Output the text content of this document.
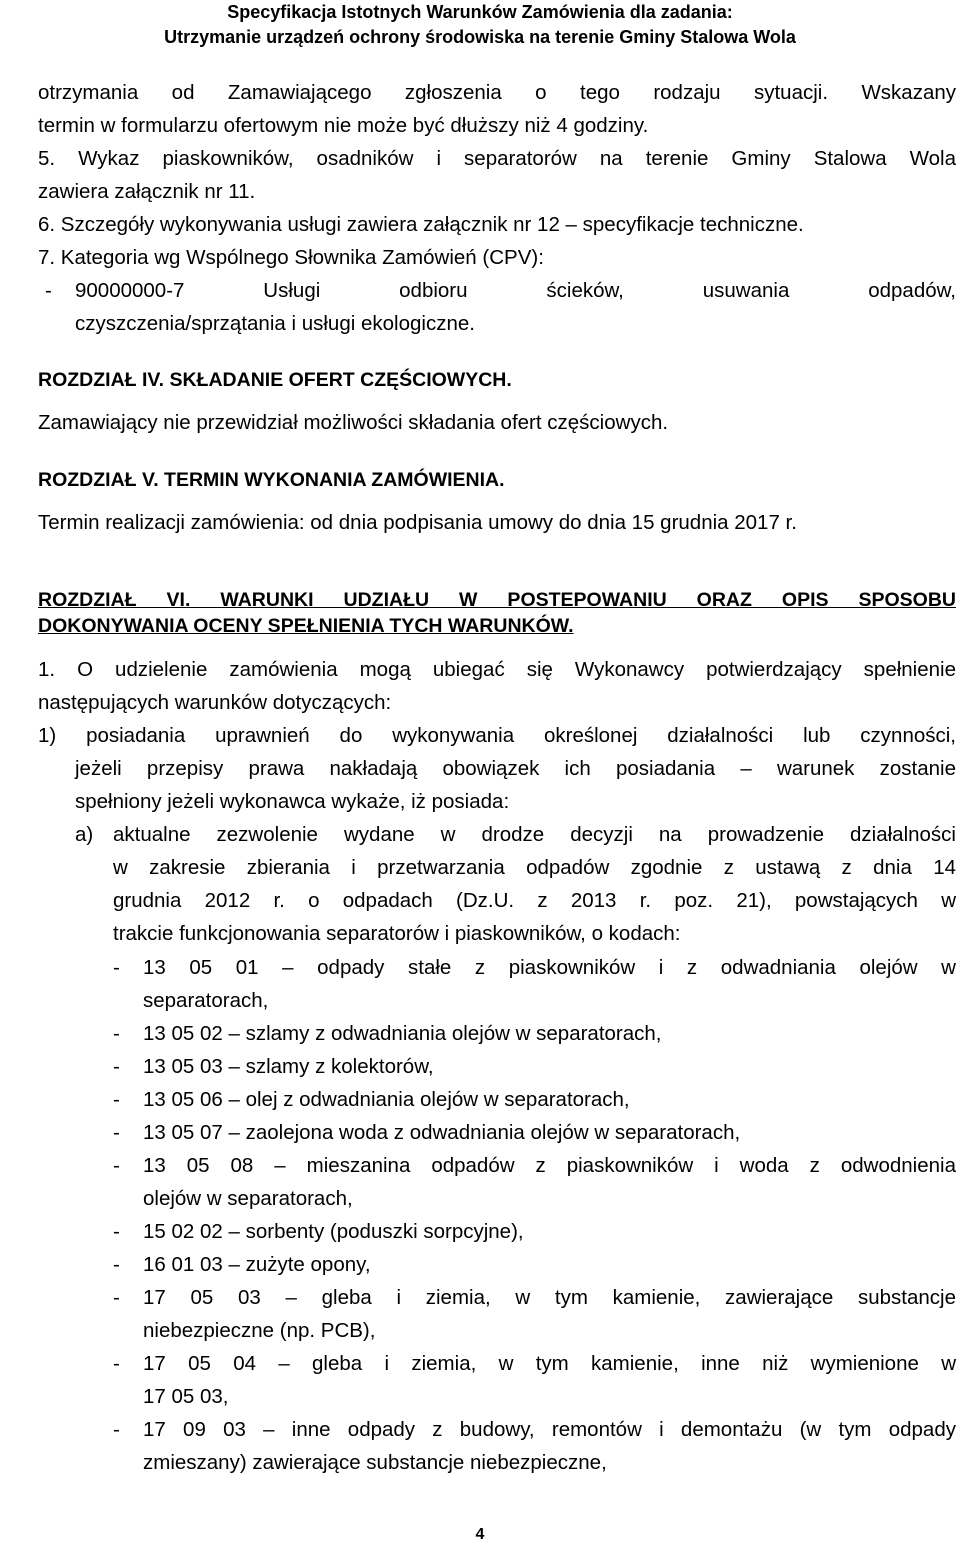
Specyfikacja Istotnych Warunków Zamówienia dla zadania:
Utrzymanie urządzeń ochrony środowiska na terenie Gminy Stalowa Wola
otrzymania od Zamawiającego zgłoszenia o tego rodzaju sytuacji. Wskazany
termin w formularzu ofertowym nie może być dłuższy niż 4 godziny.
5. Wykaz piaskowników, osadników i separatorów na terenie Gminy Stalowa Wola
zawiera załącznik nr 11.
6. Szczegóły wykonywania usługi zawiera załącznik nr 12 – specyfikacje techniczne.
7. Kategoria wg Wspólnego Słownika Zamówień (CPV):
- 90000000-7 Usługi odbioru ścieków, usuwania odpadów,
czyszczenia/sprzątania i usługi ekologiczne.
ROZDZIAŁ IV. SKŁADANIE OFERT CZĘŚCIOWYCH.
Zamawiający nie przewidział możliwości składania ofert częściowych.
ROZDZIAŁ V. TERMIN WYKONANIA ZAMÓWIENIA.
Termin realizacji zamówienia: od dnia podpisania umowy do dnia 15 grudnia 2017 r.
ROZDZIAŁ VI. WARUNKI UDZIAŁU W POSTEPOWANIU ORAZ OPIS SPOSOBU
DOKONYWANIA OCENY SPEŁNIENIA TYCH WARUNKÓW.
1. O udzielenie zamówienia mogą ubiegać się Wykonawcy potwierdzający spełnienie
następujących warunków dotyczących:
1) posiadania uprawnień do wykonywania określonej działalności lub czynności,
jeżeli przepisy prawa nakładają obowiązek ich posiadania – warunek zostanie
spełniony jeżeli wykonawca wykaże, iż posiada:
a) aktualne zezwolenie wydane w drodze decyzji na prowadzenie działalności
w zakresie zbierania i przetwarzania odpadów zgodnie z ustawą z dnia 14
grudnia 2012 r. o odpadach (Dz.U. z 2013 r. poz. 21), powstających w
trakcie funkcjonowania separatorów i piaskowników, o kodach:
- 13 05 01 – odpady stałe z piaskowników i z odwadniania olejów w
separatorach,
- 13 05 02 – szlamy z odwadniania olejów w separatorach,
- 13 05 03 – szlamy z kolektorów,
- 13 05 06 – olej z odwadniania olejów w separatorach,
- 13 05 07 – zaolejona woda z odwadniania olejów w separatorach,
- 13 05 08 – mieszanina odpadów z piaskowników i woda z odwodnienia
olejów w separatorach,
- 15 02 02 – sorbenty (poduszki sorpcyjne),
- 16 01 03 – zużyte opony,
- 17 05 03 – gleba i ziemia, w tym kamienie, zawierające substancje
niebezpieczne (np. PCB),
- 17 05 04 – gleba i ziemia, w tym kamienie, inne niż wymienione w
17 05 03,
- 17 09 03 – inne odpady z budowy, remontów i demontażu (w tym odpady
zmieszany) zawierające substancje niebezpieczne,
4
